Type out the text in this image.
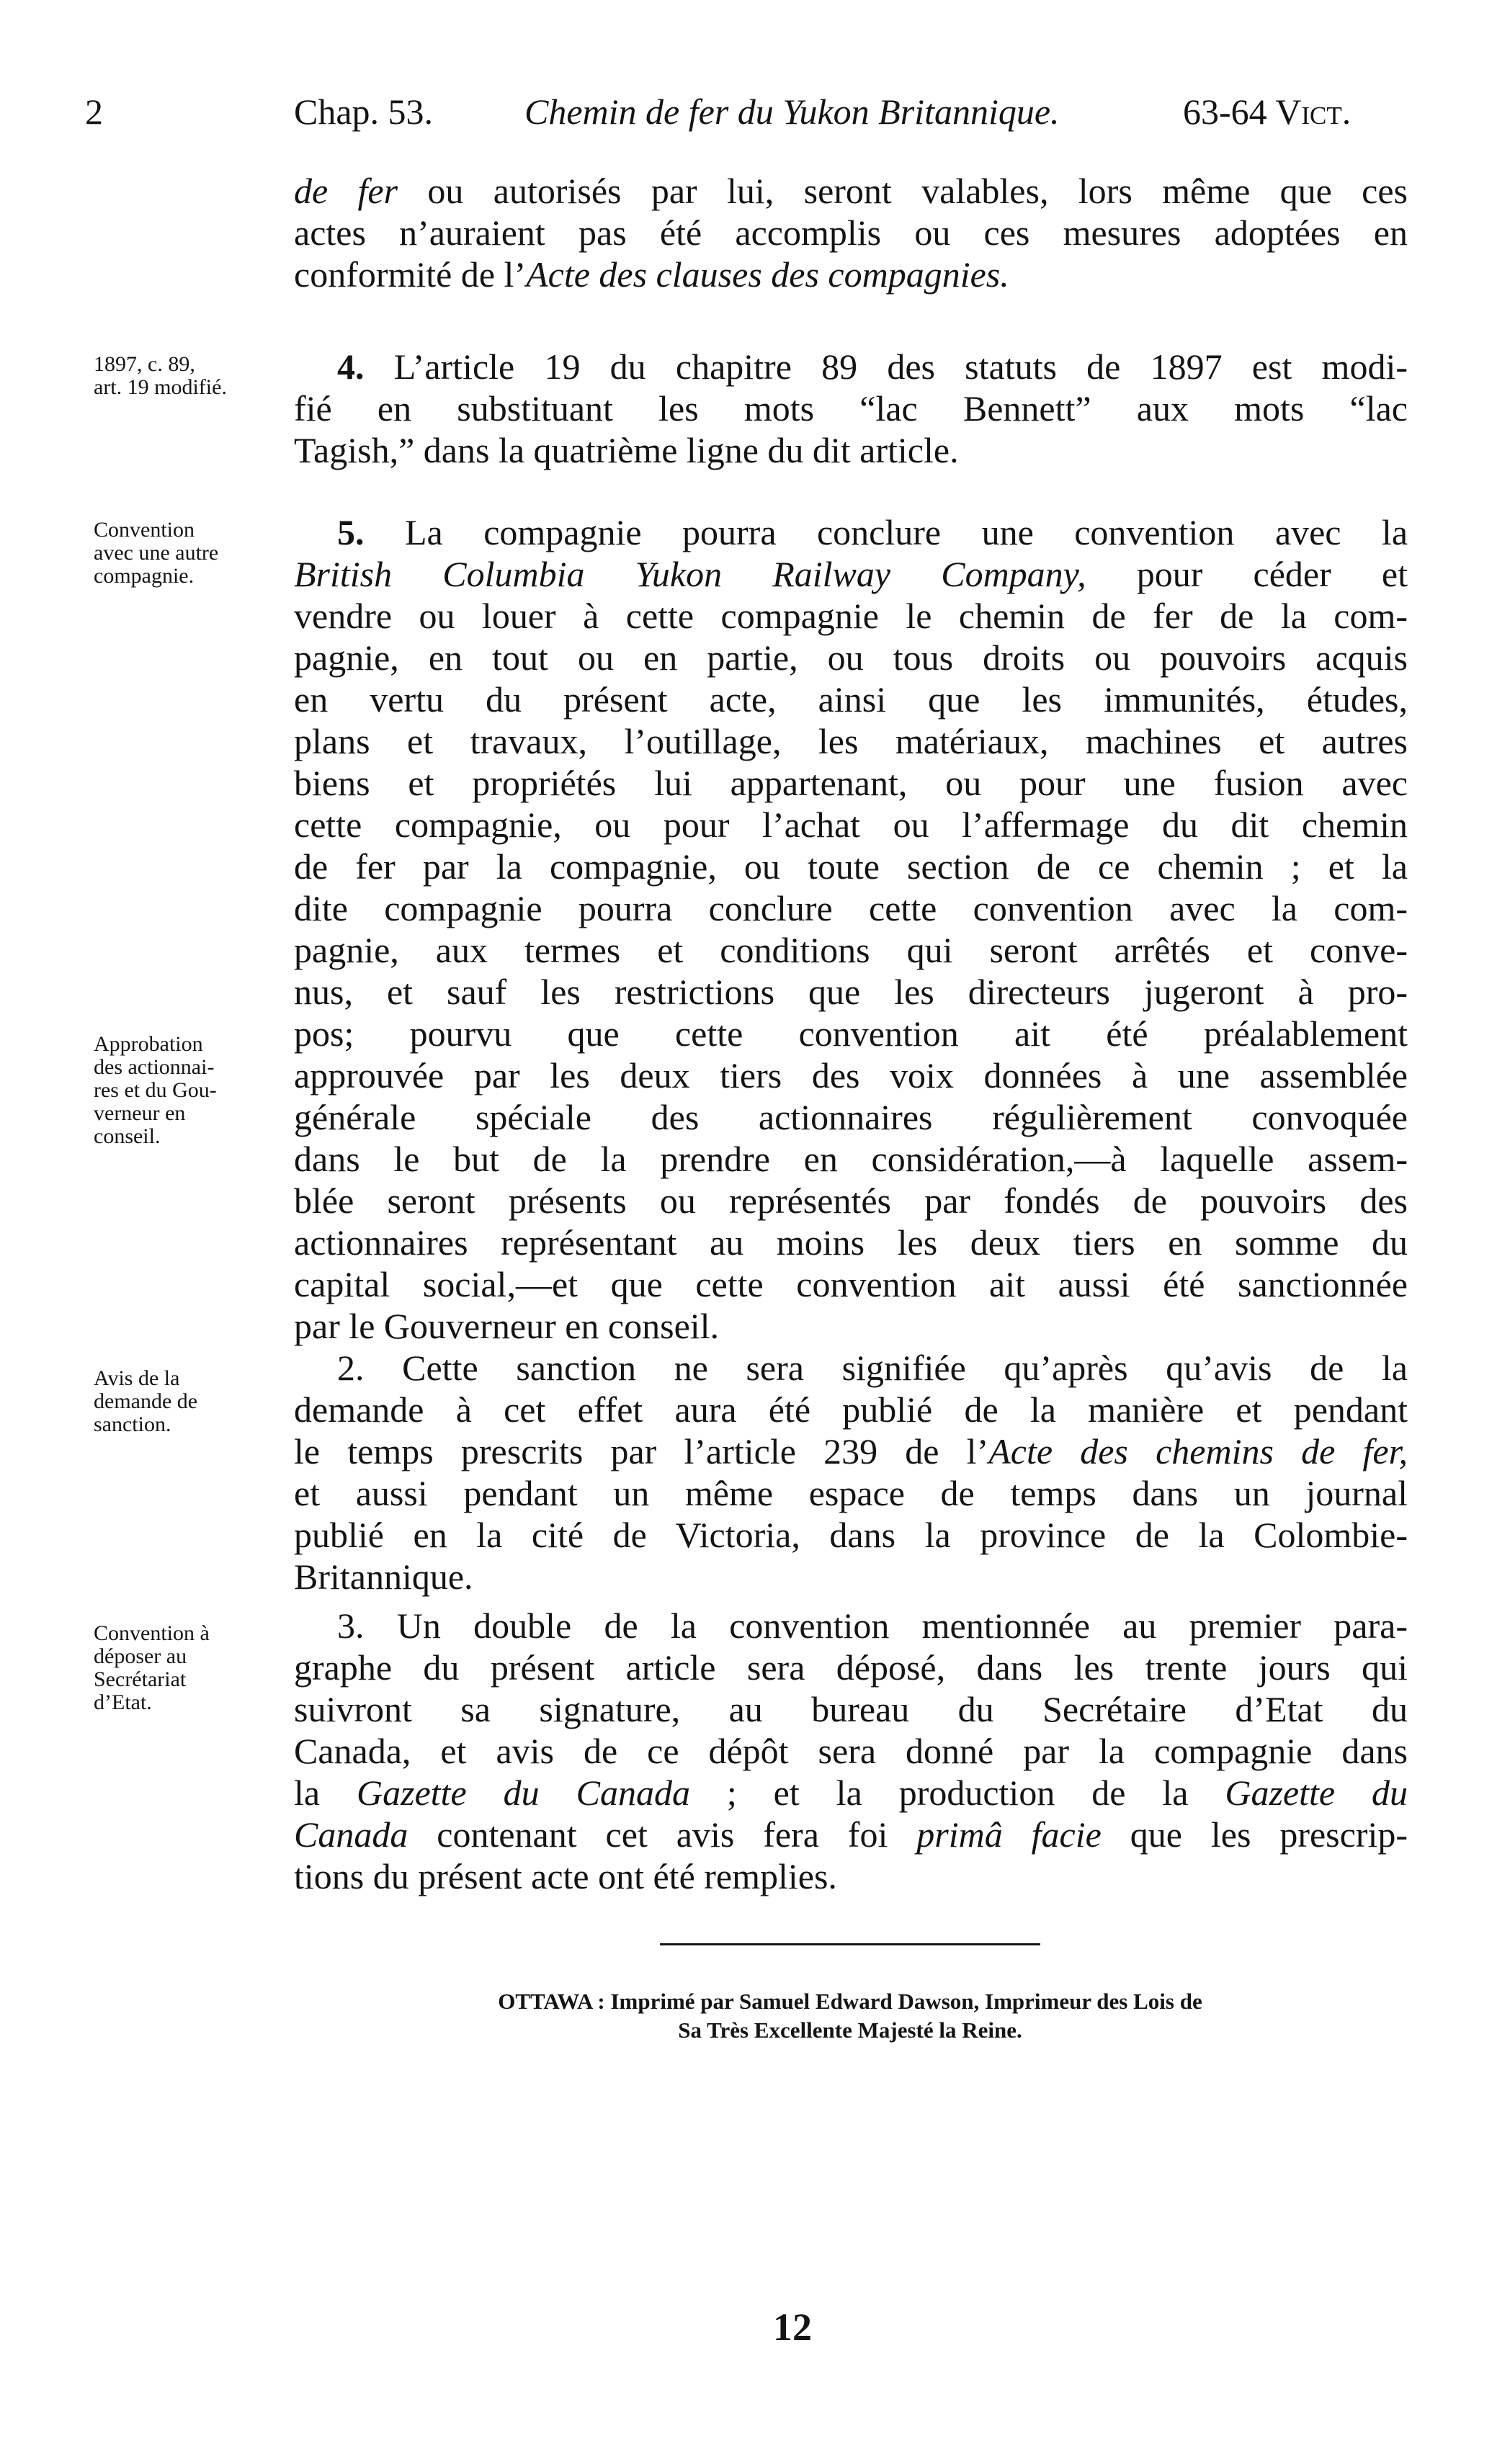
2	Chap. 53.	Chemin de fer du Yukon Britannique.	63-64 Vict.
de fer ou autorisés par lui, seront valables, lors même que ces
actes n’auraient pas été accomplis ou ces mesures adoptées en
conformité de l’Acte des clauses des compagnies.
1897, c. 89,
art. 19 modifié.
4. L’article 19 du chapitre 89 des statuts de 1897 est modi-
fié en substituant les mots “lac Bennett” aux mots “lac
Tagish,” dans la quatrième ligne du dit article.
Convention
avec une autre
compagnie.
5. La compagnie pourra conclure une convention avec la
British Columbia Yukon Railway Company, pour céder et
vendre ou louer à cette compagnie le chemin de fer de la com-
pagnie, en tout ou en partie, ou tous droits ou pouvoirs acquis
en vertu du présent acte, ainsi que les immunités, études,
plans et travaux, l’outillage, les matériaux, machines et autres
biens et propriétés lui appartenant, ou pour une fusion avec
cette compagnie, ou pour l’achat ou l’affermage du dit chemin
de fer par la compagnie, ou toute section de ce chemin ; et la
dite compagnie pourra conclure cette convention avec la com-
pagnie, aux termes et conditions qui seront arrêtés et conve-
nus, et sauf les restrictions que les directeurs jugeront à pro-
pos; pourvu que cette convention ait été préalablement
approuvée par les deux tiers des voix données à une assemblée
générale spéciale des actionnaires régulièrement convoquée
dans le but de la prendre en considération,—à laquelle assem-
blée seront présents ou représentés par fondés de pouvoirs des
actionnaires représentant au moins les deux tiers en somme du
capital social,—et que cette convention ait aussi été sanctionnée
par le Gouverneur en conseil.
Approbation
des actionnai-
res et du Gou-
verneur en
conseil.
Avis de la
demande de
sanction.
2. Cette sanction ne sera signifiée qu’après qu’avis de la
demande à cet effet aura été publié de la manière et pendant
le temps prescrits par l’article 239 de l’Acte des chemins de fer,
et aussi pendant un même espace de temps dans un journal
publié en la cité de Victoria, dans la province de la Colombie-
Britannique.
Convention à
déposer au
Secrétariat
d’Etat.
3. Un double de la convention mentionnée au premier para-
graphe du présent article sera déposé, dans les trente jours qui
suivront sa signature, au bureau du Secrétaire d’Etat du
Canada, et avis de ce dépôt sera donné par la compagnie dans
la Gazette du Canada ; et la production de la Gazette du
Canada contenant cet avis fera foi primâ facie que les prescrip-
tions du présent acte ont été remplies.
OTTAWA : Imprimé par Samuel Edward Dawson, Imprimeur des Lois de
Sa Très Excellente Majesté la Reine.
12
